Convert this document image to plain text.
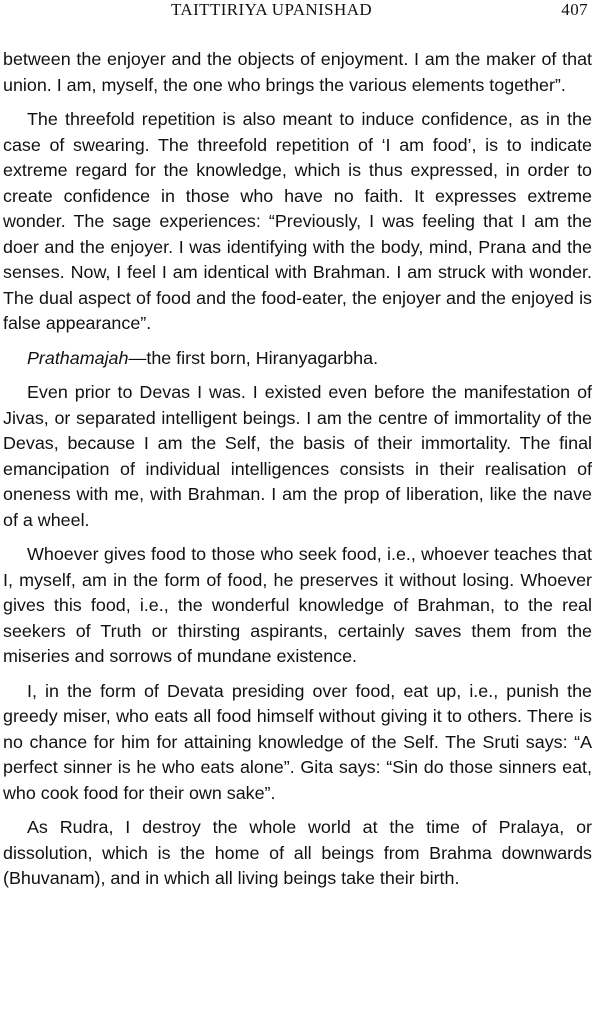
TAITTIRIYA UPANISHAD	407

between the enjoyer and the objects of enjoyment. I am the maker of that union. I am, myself, the one who brings the various elements together”.

The threefold repetition is also meant to induce confidence, as in the case of swearing. The threefold repetition of ‘I am food’, is to indicate extreme regard for the knowledge, which is thus expressed, in order to create confidence in those who have no faith. It expresses extreme wonder. The sage experiences: “Previously, I was feeling that I am the doer and the enjoyer. I was identifying with the body, mind, Prana and the senses. Now, I feel I am identical with Brahman. I am struck with wonder. The dual aspect of food and the food-eater, the enjoyer and the enjoyed is false appearance”.

Prathamajah—the first born, Hiranyagarbha.

Even prior to Devas I was. I existed even before the manifestation of Jivas, or separated intelligent beings. I am the centre of immortality of the Devas, because I am the Self, the basis of their immortality. The final emancipation of individual intelligences consists in their realisation of oneness with me, with Brahman. I am the prop of liberation, like the nave of a wheel.

Whoever gives food to those who seek food, i.e., whoever teaches that I, myself, am in the form of food, he preserves it without losing. Whoever gives this food, i.e., the wonderful knowledge of Brahman, to the real seekers of Truth or thirsting aspirants, certainly saves them from the miseries and sorrows of mundane existence.

I, in the form of Devata presiding over food, eat up, i.e., punish the greedy miser, who eats all food himself without giving it to others. There is no chance for him for attaining knowledge of the Self. The Sruti says: “A perfect sinner is he who eats alone”. Gita says: “Sin do those sinners eat, who cook food for their own sake”.

As Rudra, I destroy the whole world at the time of Pralaya, or dissolution, which is the home of all beings from Brahma downwards (Bhuvanam), and in which all living beings take their birth.
